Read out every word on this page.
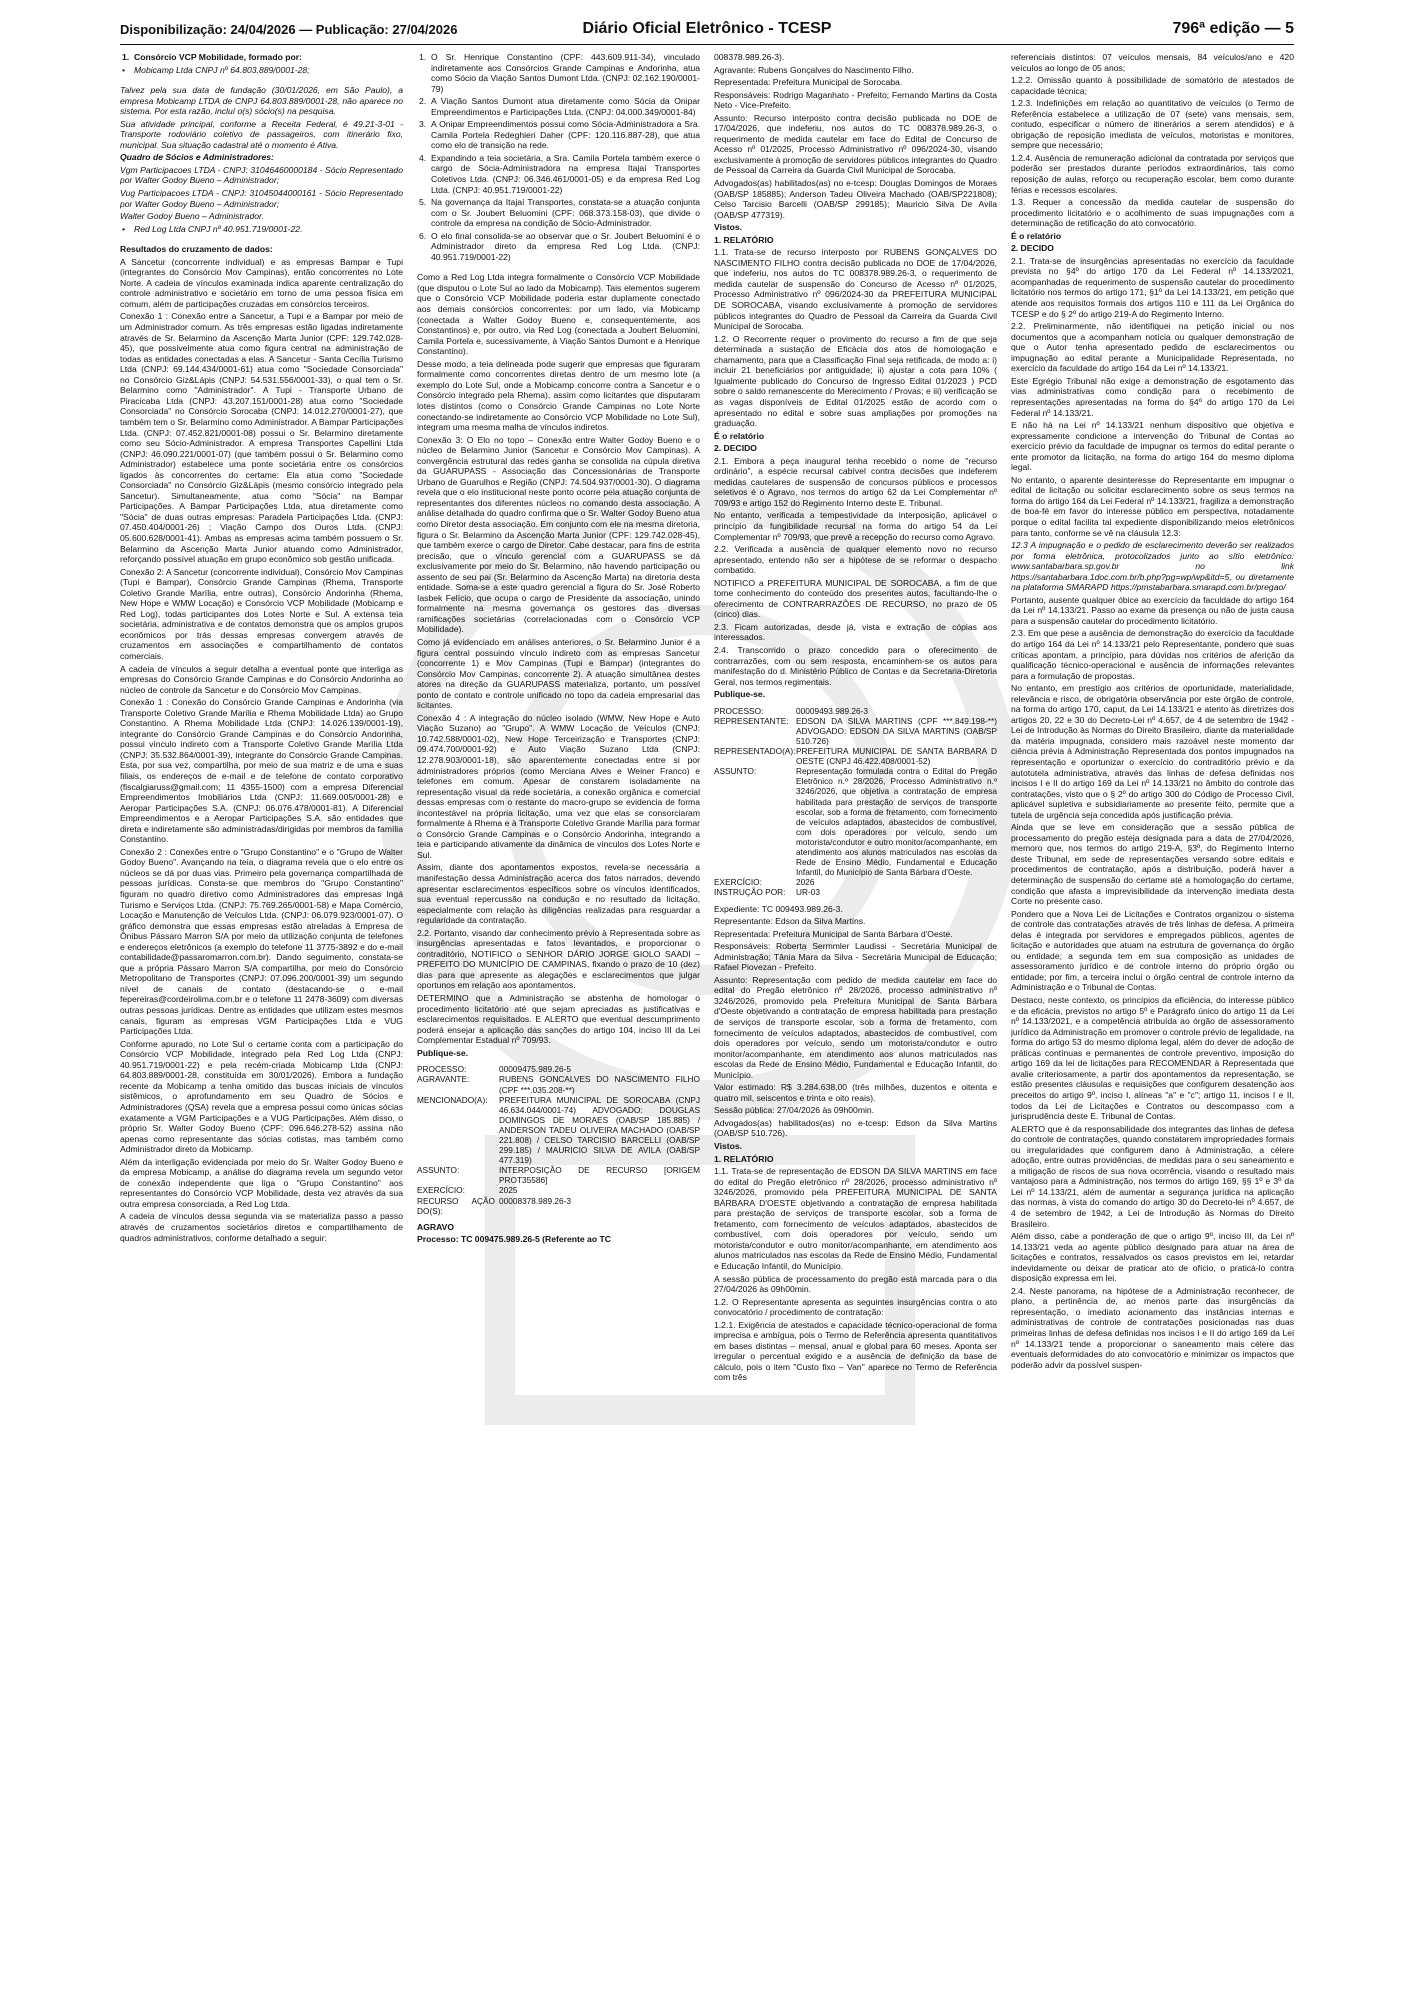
Disponibilização: 24/04/2026 — Publicação: 27/04/2026	Diário Oficial Eletrônico - TCESP	796ª edição — 5

1. Consórcio VCP Mobilidade, formado por:

• Mobicamp Ltda CNPJ nº 64.803.889/0001-28;

Talvez pela sua data de fundação (30/01/2026, em São Paulo), a empresa Mobicamp LTDA de CNPJ 64.803.889/0001-28, não aparece no sistema. Por esta razão, incluí o(s) sócio(s) na pesquisa.

Sua atividade principal, conforme a Receita Federal, é 49.21-3-01 - Transporte rodoviário coletivo de passageiros, com itinerário fixo, municipal. Sua situação cadastral até o momento é Ativa.

Quadro de Sócios e Administradores:

Vgm Participacoes LTDA - CNPJ: 31046460000184 - Sócio Representado por Walter Godoy Bueno – Administrador;

Vug Participacoes LTDA - CNPJ: 31045044000161 - Sócio Representado por Walter Godoy Bueno – Administrador;

Walter Godoy Bueno – Administrador.

• Red Log Ltda CNPJ nº 40.951.719/0001-22.

Resultados do cruzamento de dados:

A Sancetur (concorrente individual) e as empresas Bampar e Tupi (integrantes do Consórcio Mov Campinas), então concorrentes no Lote Norte. A cadeia de vínculos examinada indica aparente centralização do controle administrativo e societário em torno de uma pessoa física em comum, além de participações cruzadas em consórcios terceiros.

Conexão 1 : Conexão entre a Sancetur, a Tupi e a Bampar por meio de um Administrador comum. As três empresas estão ligadas indiretamente através de Sr. Belarmino da Ascenção Marta Junior (CPF: 129.742.028-45), que possivelmente atua como figura central na administração de todas as entidades conectadas a elas. A Sancetur - Santa Cecília Turismo Ltda (CNPJ: 69.144.434/0001-61) atua como "Sociedade Consorciada" no Consórcio Giz&Lápis (CNPJ: 54.531.556/0001-33), o qual tem o Sr. Belarmino como "Administrador". A Tupi - Transporte Urbano de Piracicaba Ltda (CNPJ: 43.207.151/0001-28) atua como "Sociedade Consorciada" no Consórcio Sorocaba (CNPJ: 14.012.270/0001-27), que também tem o Sr. Belarmino como Administrador. A Bampar Participações Ltda. (CNPJ: 07.452.821/0001-08) possui o Sr. Belarmino diretamente como seu Sócio-Administrador. A empresa Transportes Capellini Ltda (CNPJ: 46.090.221/0001-07) (que também possui o Sr. Belarmino como Administrador) estabelece uma ponte societária entre os consórcios ligados às concorrentes do certame: Ela atua como "Sociedade Consorciada" no Consórcio Giz&Lápis (mesmo consórcio integrado pela Sancetur). Simultaneamente, atua como "Sócia" na Bampar Participações. A Bampar Participações Ltda, atua diretamente como "Sócia" de duas outras empresas: Paradela Participações Ltda. (CNPJ: 07.450.404/0001-26) ; Viação Campo dos Ouros Ltda. (CNPJ: 05.600.628/0001-41). Ambas as empresas acima também possuem o Sr. Belarmino da Ascenção Marta Junior atuando como Administrador, reforçando possível atuação em grupo econômico sob gestão unificada.

Conexão 2: A Sancetur (concorrente individual), Consórcio Mov Campinas (Tupi e Bampar), Consórcio Grande Campinas (Rhema, Transporte Coletivo Grande Marília, entre outras), Consórcio Andorinha (Rhema, New Hope e WMW Locação) e Consórcio VCP Mobilidade (Mobicamp e Red Log), todas participantes dos Lotes Norte e Sul. A extensa teia societária, administrativa e de contatos demonstra que os amplos grupos econômicos por trás dessas empresas convergem através de cruzamentos em associações e compartilhamento de contatos comerciais.

A cadeia de vínculos a seguir detalha a eventual ponte que interliga as empresas do Consórcio Grande Campinas e do Consórcio Andorinha ao núcleo de controle da Sancetur e do Consórcio Mov Campinas.

Conexão 1 : Conexão do Consórcio Grande Campinas e Andorinha (via Transporte Coletivo Grande Marília e Rhema Mobilidade Ltda) ao Grupo Constantino. A Rhema Mobilidade Ltda (CNPJ: 14.026.139/0001-19), integrante do Consórcio Grande Campinas e do Consórcio Andorinha, possui vínculo indireto com a Transporte Coletivo Grande Marília Ltda (CNPJ: 35.532.864/0001-39), integrante do Consórcio Grande Campinas. Esta, por sua vez, compartilha, por meio de sua matriz e de uma e suas filiais, os endereços de e-mail e de telefone de contato corporativo (fiscalgiaruss@gmail.com; 11 4355-1500) com a empresa Diferencial Empreendimentos Imobiliários Ltda (CNPJ: 11.669.005/0001-28) e Aeropar Participações S.A. (CNPJ: 06.076.478/0001-81). A Diferencial Empreendimentos e a Aeropar Participações S.A. são entidades que direta e indiretamente são administradas/dirigidas por membros da família Constantino.

Conexão 2 : Conexões entre o "Grupo Constantino" e o "Grupo de Walter Godoy Bueno". Avançando na teia, o diagrama revela que o elo entre os núcleos se dá por duas vias. Primeiro pela governança compartilhada de pessoas jurídicas. Consta-se que membros do "Grupo Constantino" figuram no quadro diretivo como Administradores das empresas Ingá Turismo e Serviços Ltda. (CNPJ: 75.769.265/0001-58) e Mapa Comércio, Locação e Manutenção de Veículos Ltda. (CNPJ: 06.079.923/0001-07). O gráfico demonstra que essas empresas estão atreladas à Empresa de Ônibus Pássaro Marron S/A por meio da utilização conjunta de telefones e endereços eletrônicos (a exemplo do telefone 11 3775-3892 e do e-mail contabilidade@passaromarron.com.br). Dando seguimento, constata-se que a própria Pássaro Marron S/A compartilha, por meio do Consórcio Metropolitano de Transportes (CNPJ: 07.096.200/0001-39) um segundo nível de canais de contato (destacando-se o e-mail fepereiras@cordeirolima.com.br e o telefone 11 2478-3609) com diversas outras pessoas jurídicas. Dentre as entidades que utilizam estes mesmos canais, figuram as empresas VGM Participações Ltda e VUG Participações Ltda.

Conforme apurado, no Lote Sul o certame conta com a participação do Consórcio VCP Mobilidade, integrado pela Red Log Ltda (CNPJ: 40.951.719/0001-22) e pela recém-criada Mobicamp Ltda (CNPJ: 64.803.889/0001-28, constituída em 30/01/2026). Embora a fundação recente da Mobicamp a tenha omitido das buscas iniciais de vínculos sistêmicos, o aprofundamento em seu Quadro de Sócios e Administradores (QSA) revela que a empresa possui como únicas sócias exatamente a VGM Participações e a VUG Participações. Além disso, o próprio Sr. Walter Godoy Bueno (CPF: 096.646.278-52) assina não apenas como representante das sócias cotistas, mas também como Administrador direto da Mobicamp.

Além da interligação evidenciada por meio do Sr. Walter Godoy Bueno e da empresa Mobicamp, a análise do diagrama revela um segundo vetor de conexão independente que liga o "Grupo Constantino" aos representantes do Consórcio VCP Mobilidade, desta vez através da sua outra empresa consorciada, a Red Log Ltda.

A cadeia de vínculos dessa segunda via se materializa passo a passo através de cruzamentos societários diretos e compartilhamento de quadros administrativos, conforme detalhado a seguir:

1. O Sr. Henrique Constantino (CPF: 443.609.911-34), vinculado indiretamente aos Consórcios Grande Campinas e Andorinha, atua como Sócio da Viação Santos Dumont Ltda. (CNPJ: 02.162.190/0001-79)

2. A Viação Santos Dumont atua diretamente como Sócia da Onipar Empreendimentos e Participações Ltda. (CNPJ: 04.000.349/0001-84)

3. A Onipar Empreendimentos possui como Sócia-Administradora a Sra. Camila Portela Redeghieri Daher (CPF: 120.116.887-28), que atua como elo de transição na rede.

4. Expandindo a teia societária, a Sra. Camila Portela também exerce o cargo de Sócia-Administradora na empresa Itajaí Transportes Coletivos Ltda. (CNPJ: 06.346.461/0001-05) e da empresa Red Log Ltda. (CNPJ: 40.951.719/0001-22)

5. Na governança da Itajaí Transportes, constata-se a atuação conjunta com o Sr. Joubert Beluomini (CPF: 068.373.158-03), que divide o controle da empresa na condição de Sócio-Administrador.

6. O elo final consolida-se ao observar que o Sr. Joubert Beluomini é o Administrador direto da empresa Red Log Ltda. (CNPJ: 40.951.719/0001-22)

Como a Red Log Ltda integra formalmente o Consórcio VCP Mobilidade (que disputou o Lote Sul ao lado da Mobicamp). Tais elementos sugerem que o Consórcio VCP Mobilidade poderia estar duplamente conectado aos demais consórcios concorrentes: por um lado, via Mobicamp (conectada a Walter Godoy Bueno e, consequentemente, aos Constantinos) e, por outro, via Red Log (conectada a Joubert Beluomini, Camila Portela e, sucessivamente, à Viação Santos Dumont e a Henrique Constantino).

Desse modo, a teia delineada pode sugerir que empresas que figuraram formalmente como concorrentes diretas dentro de um mesmo lote (a exemplo do Lote Sul, onde a Mobicamp concorre contra a Sancetur e o Consórcio integrado pela Rhema), assim como licitantes que disputaram lotes distintos (como o Consórcio Grande Campinas no Lote Norte conectando-se indiretamente ao Consórcio VCP Mobilidade no Lote Sul), integram uma mesma malha de vínculos indiretos.

Conexão 3: O Elo no topo – Conexão entre Walter Godoy Bueno e o núcleo de Belarmino Junior (Sancetur e Consórcio Mov Campinas). A convergência estrutural das redes ganha se consolida na cúpula diretiva da GUARUPASS - Associação das Concessionárias de Transporte Urbano de Guarulhos e Região (CNPJ: 74.504.937/0001-30). O diagrama revela que o elo institucional neste ponto ocorre pela atuação conjunta de representantes dos diferentes núcleos no comando desta associação. A análise detalhada do quadro confirma que o Sr. Walter Godoy Bueno atua como Diretor desta associação. Em conjunto com ele na mesma diretoria, figura o Sr. Belarmino da Ascenção Marta Junior (CPF: 129.742.028-45), que também exerce o cargo de Diretor. Cabe destacar, para fins de estrita precisão, que o vínculo gerencial com a GUARUPASS se dá exclusivamente por meio do Sr. Belarmino, não havendo participação ou assento de seu pai (Sr. Belarmino da Ascenção Marta) na diretoria desta entidade. Soma-se a este quadro gerencial a figura do Sr. José Roberto Iasbek Felício, que ocupa o cargo de Presidente da associação, unindo formalmente na mesma governança os gestores das diversas ramificações societárias (correlacionadas com o Consórcio VCP Mobilidade).

Como já evidenciado em análises anteriores, o Sr. Belarmino Junior é a figura central possuindo vínculo indireto com as empresas Sancetur (concorrente 1) e Mov Campinas (Tupi e Bampar) (integrantes do Consórcio Mov Campinas, concorrente 2). A atuação simultânea destes atores na direção da GUARUPASS materializa, portanto, um possível ponto de contato e controle unificado no topo da cadeia empresarial das licitantes.

Conexão 4 : A integração do núcleo isolado (WMW, New Hope e Auto Viação Suzano) ao "Grupo". A WMW Locação de Veículos (CNPJ: 10.742.588/0001-02), New Hope Terceirização e Transportes (CNPJ: 09.474.700/0001-92) e Auto Viação Suzano Ltda (CNPJ: 12.278.903/0001-18), são aparentemente conectadas entre si por administradores próprios (como Merciana Alves e Weiner Franco) e telefones em comum. Apesar de constarem isoladamente na representação visual da rede societária, a conexão orgânica e comercial dessas empresas com o restante do macro-grupo se evidencia de forma incontestável na própria licitação, uma vez que elas se consorciaram formalmente à Rhema e à Transporte Coletivo Grande Marília para formar o Consórcio Grande Campinas e o Consórcio Andorinha, integrando a teia e participando ativamente da dinâmica de vínculos dos Lotes Norte e Sul.

Assim, diante dos apontamentos expostos, revela-se necessária a manifestação dessa Administração acerca dos fatos narrados, devendo apresentar esclarecimentos específicos sobre os vínculos identificados, sua eventual repercussão na condução e no resultado da licitação, especialmente com relação às diligências realizadas para resguardar a regularidade da contratação.

2.2. Portanto, visando dar conhecimento prévio à Representada sobre as insurgências apresentadas e fatos levantados, e proporcionar o contraditório, NOTIFICO o SENHOR DÁRIO JORGE GIOLO SAADI – PREFEITO DO MUNICÍPIO DE CAMPINAS, fixando o prazo de 10 (dez) dias para que apresente as alegações e esclarecimentos que julgar oportunos em relação aos apontamentos.

DETERMINO que a Administração se abstenha de homologar o procedimento licitatório até que sejam apreciadas as justificativas e esclarecimentos requisitados. E ALERTO que eventual descumprimento poderá ensejar a aplicação das sanções do artigo 104, inciso III da Lei Complementar Estadual nº 709/93.

Publique-se.

PROCESSO:	00009475.989.26-5
AGRAVANTE:	RUBENS GONCALVES DO NASCIMENTO FILHO (CPF ***.035.208-**)
MENCIONADO(A):	PREFEITURA MUNICIPAL DE SOROCABA (CNPJ 46.634.044/0001-74) ADVOGADO: DOUGLAS DOMINGOS DE MORAES (OAB/SP 185.885) / ANDERSON TADEU OLIVEIRA MACHADO (OAB/SP 221.808) / CELSO TARCISIO BARCELLI (OAB/SP 299.185) / MAURICIO SILVA DE AVILA (OAB/SP 477.319)
ASSUNTO:	INTERPOSIÇÃO DE RECURSO [ORIGEM PROT35586]
EXERCÍCIO:	2025
RECURSO AÇÃO DO(S):
00008378.989.26-3

AGRAVO

Processo: TC 009475.989.26-5 (Referente ao TC

008378.989.26-3).

Agravante: Rubens Gonçalves do Nascimento Filho.

Representada: Prefeitura Municipal de Sorocaba.

Responsáveis: Rodrigo Maganhato - Prefeito; Fernando Martins da Costa Neto - Vice-Prefeito.

Assunto: Recurso interposto contra decisão publicada no DOE de 17/04/2026, que indeferiu, nos autos do TC 008378.989.26-3, o requerimento de medida cautelar em face do Edital de Concurso de Acesso nº 01/2025, Processo Administrativo nº 096/2024-30, visando exclusivamente à promoção de servidores públicos integrantes do Quadro de Pessoal da Carreira da Guarda Civil Municipal de Sorocaba.

Advogados(as) habilitados(as) no e-tcesp: Douglas Domingos de Moraes (OAB/SP 185885); Anderson Tadeu Oliveira Machado (OAB/SP221808); Celso Tarcisio Barcelli (OAB/SP 299185); Mauricio Silva De Avila (OAB/SP 477319).

Vistos.

1. RELATÓRIO

1.1. Trata-se de recurso interposto por RUBENS GONÇALVES DO NASCIMENTO FILHO contra decisão publicada no DOE de 17/04/2026, que indeferiu, nos autos do TC 008378.989.26-3, o requerimento de medida cautelar de suspensão do Concurso de Acesso nº 01/2025, Processo Administrativo nº 096/2024-30 da PREFEITURA MUNICIPAL DE SOROCABA, visando exclusivamente à promoção de servidores públicos integrantes do Quadro de Pessoal da Carreira da Guarda Civil Municipal de Sorocaba.

1.2. O Recorrente requer o provimento do recurso a fim de que seja determinada a sustação de Eficácia dos atos de homologação e chamamento, para que a Classificação Final seja retificada, de modo a: i) incluir 21 beneficiários por antiguidade; ii) ajustar a cota para 10% ( Igualmente publicado do Concurso de Ingresso Edital 01/2023 ) PCD sobre o saldo remanescente do Merecimento / Provas; e iii) verificação se as vagas disponíveis de Edital 01/2025 estão de acordo com o apresentado no edital e sobre suas ampliações por promoções na graduação.

É o relatório

2. DECIDO

2.1. Embora a peça inaugural tenha recebido o nome de "recurso ordinário", a espécie recursal cabível contra decisões que indeferem medidas cautelares de suspensão de concursos públicos e processos seletivos é o Agravo, nos termos do artigo 62 da Lei Complementar nº 709/93 e artigo 152 do Regimento Interno deste E. Tribunal.

No entanto, verificada a tempestividade da interposição, aplicável o princípio da fungibilidade recursal na forma do artigo 54 da Lei Complementar nº 709/93, que prevê a recepção do recurso como Agravo.

2.2. Verificada a ausência de qualquer elemento novo no recurso apresentado, entendo não ser a hipótese de se reformar o despacho combatido.

NOTIFICO a PREFEITURA MUNICIPAL DE SOROCABA, a fim de que tome conhecimento do conteúdo dos presentes autos, facultando-lhe o oferecimento de CONTRARRAZÕES DE RECURSO, no prazo de 05 (cinco) dias.

2.3. Ficam autorizadas, desde já, vista e extração de cópias aos interessados.

2.4. Transcorrido o prazo concedido para o oferecimento de contrarrazões, com ou sem resposta, encaminhem-se os autos para manifestação do d. Ministério Público de Contas e da Secretaria-Diretoria Geral, nos termos regimentais.

Publique-se.

PROCESSO:	00009493.989.26-3
REPRESENTANTE: EDSON DA SILVA MARTINS (CPF ***.849.198-**) ADVOGADO: EDSON DA SILVA MARTINS (OAB/SP 510.726)
REPRESENTADO(A): PREFEITURA MUNICIPAL DE SANTA BARBARA D OESTE (CNPJ 46.422.408/0001-52)
ASSUNTO:	Representação formulada contra o Edital do Pregão Eletrônico n.º 28/2026, Processo Administrativo n.º 3246/2026, que objetiva a contratação de empresa habilitada para prestação de serviços de transporte escolar, sob a forma de fretamento, com fornecimento de veículos adaptados, abastecidos de combustível, com dois operadores por veículo, sendo um motorista/condutor e outro monitor/acompanhante, em atendimento aos alunos matriculados nas escolas da Rede de Ensino Médio, Fundamental e Educação Infantil, do Município de Santa Bárbara d'Oeste.
EXERCÍCIO:	2026
INSTRUÇÃO POR:	UR-03

Expediente: TC 009493.989.26-3.

Representante: Edson da Silva Martins.

Representada: Prefeitura Municipal de Santa Bárbara d'Oeste.

Responsáveis: Roberta Sermmler Laudissi - Secretária Municipal de Administração; Tânia Mara da Silva - Secretária Municipal de Educação; Rafael Piovezan - Prefeito.

Assunto: Representação com pedido de medida cautelar em face do edital do Pregão eletrônico nº 28/2026, processo administrativo nº 3246/2026, promovido pela Prefeitura Municipal de Santa Bárbara d'Oeste objetivando a contratação de empresa habilitada para prestação de serviços de transporte escolar, sob a forma de fretamento, com fornecimento de veículos adaptados, abastecidos de combustível, com dois operadores por veículo, sendo um motorista/condutor e outro monitor/acompanhante, em atendimento aos alunos matriculados nas escolas da Rede de Ensino Médio, Fundamental e Educação Infantil, do Município.

Valor estimado: R$ 3.284.638,00 (três milhões, duzentos e oitenta e quatro mil, seiscentos e trinta e oito reais).

Sessão pública: 27/04/2026 às 09h00min.

Advogados(as) habilitados(as) no e-tcesp: Edson da Silva Martins (OAB/SP 510.726).

Vistos.

1. RELATÓRIO

1.1. Trata-se de representação de EDSON DA SILVA MARTINS em face do edital do Pregão eletrônico nº 28/2026, processo administrativo nº 3246/2026, promovido pela PREFEITURA MUNICIPAL DE SANTA BÁRBARA D'OESTE objetivando a contratação de empresa habilitada para prestação de serviços de transporte escolar, sob a forma de fretamento, com fornecimento de veículos adaptados, abastecidos de combustível, com dois operadores por veículo, sendo um motorista/condutor e outro monitor/acompanhante, em atendimento aos alunos matriculados nas escolas da Rede de Ensino Médio, Fundamental e Educação Infantil, do Município.

A sessão pública de processamento do pregão está marcada para o dia 27/04/2026 às 09h00min.

1.2. O Representante apresenta as seguintes insurgências contra o ato convocatório / procedimento de contratação:

1.2.1. Exigência de atestados e capacidade técnico-operacional de forma imprecisa e ambígua, pois o Termo de Referência apresenta quantitativos em bases distintas – mensal, anual e global para 60 meses. Aponta ser irregular o percentual exigido e a ausência de definição da base de cálculo, pois o item "Custo fixo – Van" aparece no Termo de Referência com três

referenciais distintos: 07 veículos mensais, 84 veículos/ano e 420 veículos ao longo de 05 anos;

1.2.2. Omissão quanto à possibilidade de somatório de atestados de capacidade técnica;

1.2.3. Indefinições em relação ao quantitativo de veículos (o Termo de Referência estabelece a utilização de 07 (sete) vans mensais, sem, contudo, especificar o número de itinerários a serem atendidos) e à obrigação de reposição imediata de veículos, motoristas e monitores, sempre que necessário;

1.2.4. Ausência de remuneração adicional da contratada por serviços que poderão ser prestados durante períodos extraordinários, tais como reposição de aulas, reforço ou recuperação escolar, bem como durante férias e recessos escolares.

1.3. Requer a concessão da medida cautelar de suspensão do procedimento licitatório e o acolhimento de suas impugnações com a determinação de retificação do ato convocatório.

É o relatório

2. DECIDO

2.1. Trata-se de insurgências apresentadas no exercício da faculdade prevista no §4º do artigo 170 da Lei Federal nº 14.133/2021, acompanhadas de requerimento de suspensão cautelar do procedimento licitatório nos termos do artigo 171, §1º da Lei 14.133/21, em petição que atende aos requisitos formais dos artigos 110 e 111 da Lei Orgânica do TCESP e do § 2º do artigo 219-A do Regimento Interno.

2.2. Preliminarmente, não identifiquei na petição inicial ou nos documentos que a acompanham notícia ou qualquer demonstração de que o Autor tenha apresentado pedido de esclarecimentos ou impugnação ao edital perante a Municipalidade Representada, no exercício da faculdade do artigo 164 da Lei nº 14.133/21.

Este Egrégio Tribunal não exige a demonstração de esgotamento das vias administrativas como condição para o recebimento de representações apresentadas na forma do §4º do artigo 170 da Lei Federal nº 14.133/21.

E não há na Lei nº 14.133/21 nenhum dispositivo que objetiva e expressamente condicione a intervenção do Tribunal de Contas ao exercício prévio da faculdade de impugnar os termos do edital perante o ente promotor da licitação, na forma do artigo 164 do mesmo diploma legal.

No entanto, o aparente desinteresse do Representante em impugnar o edital de licitação ou solicitar esclarecimento sobre os seus termos na forma do artigo 164 da Lei Federal nº 14.133/21, fragiliza a demonstração de boa-fé em favor do interesse público em perspectiva, notadamente porque o edital facilita tal expediente disponibilizando meios eletrônicos para tanto, conforme se vê na cláusula 12.3:

12.3 A impugnação e o pedido de esclarecimento deverão ser realizados por forma eletrônica, protocolizados junto ao sítio eletrônico: www.santabarbara.sp.gov.br no link https://santabarbara.1doc.com.br/b.php?pg=wp/wp&itd=5, ou diretamente na plataforma SMARAPD https://pmstabarbara.smarapd.com.br/pregao/

Portanto, ausente qualquer óbice ao exercício da faculdade do artigo 164 da Lei nº 14.133/21. Passo ao exame da presença ou não de justa causa para a suspensão cautelar do procedimento licitatório.

2.3. Em que pese a ausência de demonstração do exercício da faculdade do artigo 164 da Lei nº 14.133/21 pelo Representante, pondero que suas críticas apontam, a princípio, para dúvidas nos critérios de aferição da qualificação técnico-operacional e ausência de informações relevantes para a formulação de propostas.

No entanto, em prestígio aos critérios de oportunidade, materialidade, relevância e risco, de obrigatória observância por este órgão de controle, na forma do artigo 170, caput, da Lei 14.133/21 e atento às diretrizes dos artigos 20, 22 e 30 do Decreto-Lei nº 4.657, de 4 de setembro de 1942 - Lei de Introdução às Normas do Direito Brasileiro, diante da materialidade da matéria impugnada, considero mais razoável neste momento dar ciência prévia à Administração Representada dos pontos impugnados na representação e oportunizar o exercício do contraditório prévio e da autotutela administrativa, através das linhas de defesa definidas nos incisos I e II do artigo 169 da Lei nº 14.133/21 no âmbito do controle das contratações, visto que o § 2º do artigo 300 do Código de Processo Civil, aplicável supletiva e subsidiariamente ao presente feito, permite que a tutela de urgência seja concedida após justificação prévia.

Ainda que se leve em consideração que a sessão pública de processamento do pregão esteja designada para a data de 27/04/2026, memoro que, nos termos do artigo 219-A, §3º, do Regimento Interno deste Tribunal, em sede de representações versando sobre editais e procedimentos de contratação, após a distribuição, poderá haver a determinação de suspensão do certame até a homologação do certame, condição que afasta a imprevisibilidade da intervenção imediata desta Corte no presente caso.

Pondero que a Nova Lei de Licitações e Contratos organizou o sistema de controle das contratações através de três linhas de defesa. A primeira delas é integrada por servidores e empregados públicos, agentes de licitação e autoridades que atuam na estrutura de governança do órgão ou entidade; a segunda tem em sua composição as unidades de assessoramento jurídico e de controle interno do próprio órgão ou entidade; por fim, a terceira inclui o órgão central de controle interno da Administração e o Tribunal de Contas.

Destaco, neste contexto, os princípios da eficiência, do interesse público e da eficácia, previstos no artigo 5º e Parágrafo único do artigo 11 da Lei nº 14.133/2021, e a competência atribuída ao órgão de assessoramento jurídico da Administração em promover o controle prévio de legalidade, na forma do artigo 53 do mesmo diploma legal, além do dever de adoção de práticas contínuas e permanentes de controle preventivo, imposição do artigo 169 da lei de licitações para RECOMENDAR à Representada que avalie criteriosamente, a partir dos apontamentos da representação, se estão presentes cláusulas e requisições que configurem desatenção aos preceitos do artigo 9º, inciso I, alíneas "a" e "c"; artigo 11, incisos I e II, todos da Lei de Licitações e Contratos ou descompasso com a jurisprudência deste E. Tribunal de Contas.

ALERTO que é da responsabilidade dos integrantes das linhas de defesa do controle de contratações, quando constatarem impropriedades formais ou irregularidades que configurem dano à Administração, a célere adoção, entre outras providências, de medidas para o seu saneamento e a mitigação de riscos de sua nova ocorrência, visando o resultado mais vantajoso para a Administração, nos termos do artigo 169, §§ 1º e 3º da Lei nº 14.133/21, além de aumentar a segurança jurídica na aplicação das normas, à vista do comando do artigo 30 do Decreto-lei nº 4.657, de 4 de setembro de 1942, a Lei de Introdução às Normas do Direito Brasileiro.

Além disso, cabe a ponderação de que o artigo 9º, inciso III, da Lei nº 14.133/21 veda ao agente público designado para atuar na área de licitações e contratos, ressalvados os casos previstos em lei, retardar indevidamente ou deixar de praticar ato de ofício, o praticá-lo contra disposição expressa em lei.

2.4. Neste panorama, na hipótese de a Administração reconhecer, de plano, a pertinência de, ao menos parte das insurgências da representação, o imediato acionamento das instâncias internas e administrativas de controle de contratações posicionadas nas duas primeiras linhas de defesa definidas nos incisos I e II do artigo 169 da Lei nº 14.133/21 tende a proporcionar o saneamento mais célere das eventuais deformidades do ato convocatório e minimizar os impactos que poderão advir da possível suspen-
